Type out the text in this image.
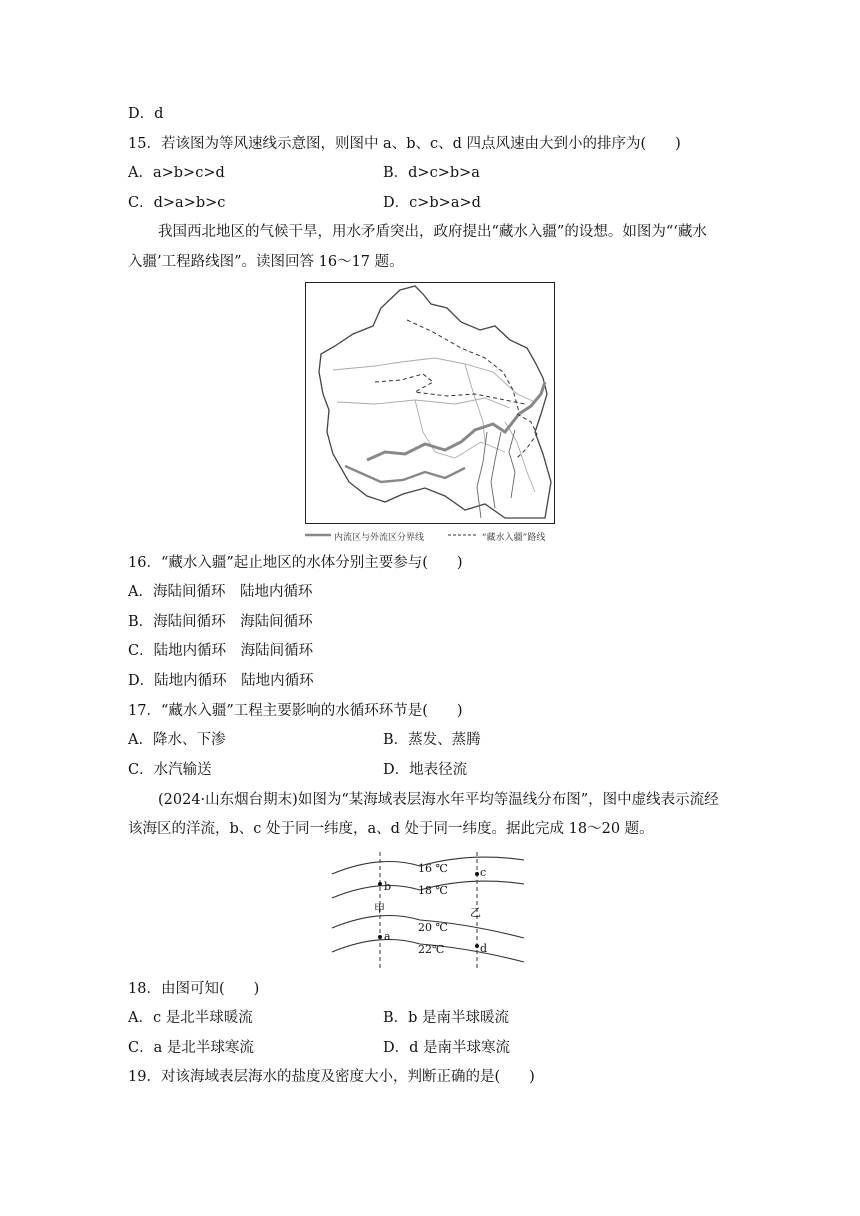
D．d
15．若该图为等风速线示意图，则图中 a、b、c、d 四点风速由大到小的排序为(　　)
A．a>b>c>d	B．d>c>b>a
C．d>a>b>c	D．c>b>a>d
我国西北地区的气候干旱，用水矛盾突出，政府提出“藏水入疆”的设想。如图为“‘藏水
入疆’工程路线图”。读图回答 16～17 题。
内流区与外流区分界线	“藏水入疆”路线
16．“藏水入疆”起止地区的水体分别主要参与(　　)
A．海陆间循环　陆地内循环
B．海陆间循环　海陆间循环
C．陆地内循环　海陆间循环
D．陆地内循环　陆地内循环
17．“藏水入疆”工程主要影响的水循环环节是(　　)
A．降水、下渗	B．蒸发、蒸腾
C．水汽输送	D．地表径流
(2024·山东烟台期末)如图为“某海域表层海水年平均等温线分布图”，图中虚线表示流经
该海区的洋流，b、c 处于同一纬度，a、d 处于同一纬度。据此完成 18～20 题。
16 ℃
18 ℃
20 ℃
22℃
b
a
c
d
甲	乙
18．由图可知(　　)
A．c 是北半球暖流	B．b 是南半球暖流
C．a 是北半球寒流	D．d 是南半球寒流
19．对该海域表层海水的盐度及密度大小，判断正确的是(　　)
